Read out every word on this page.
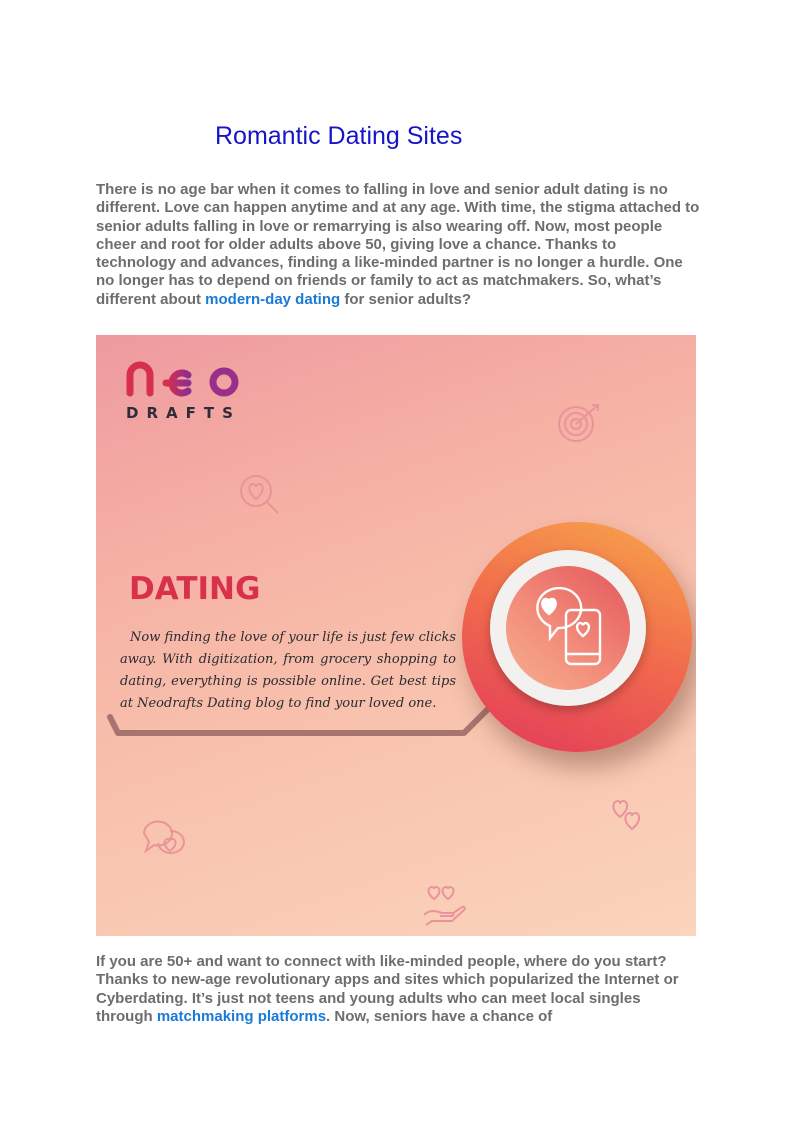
Romantic Dating Sites
There is no age bar when it comes to falling in love and senior adult dating is no different. Love can happen anytime and at any age. With time, the stigma attached to senior adults falling in love or remarrying is also wearing off. Now, most people cheer and root for older adults above 50, giving love a chance. Thanks to technology and advances, finding a like-minded partner is no longer a hurdle. One no longer has to depend on friends or family to act as matchmakers. So, what’s different about modern-day dating for senior adults?
DRAFTS
DATING
Now finding the love of your life is just few clicks away. With digitization, from grocery shopping to dating, everything is possible online. Get best tips at Neodrafts Dating blog to find your loved one.
If you are 50+ and want to connect with like-minded people, where do you start? Thanks to new-age revolutionary apps and sites which popularized the Internet or Cyberdating. It’s just not teens and young adults who can meet local singles through matchmaking platforms. Now, seniors have a chance of
